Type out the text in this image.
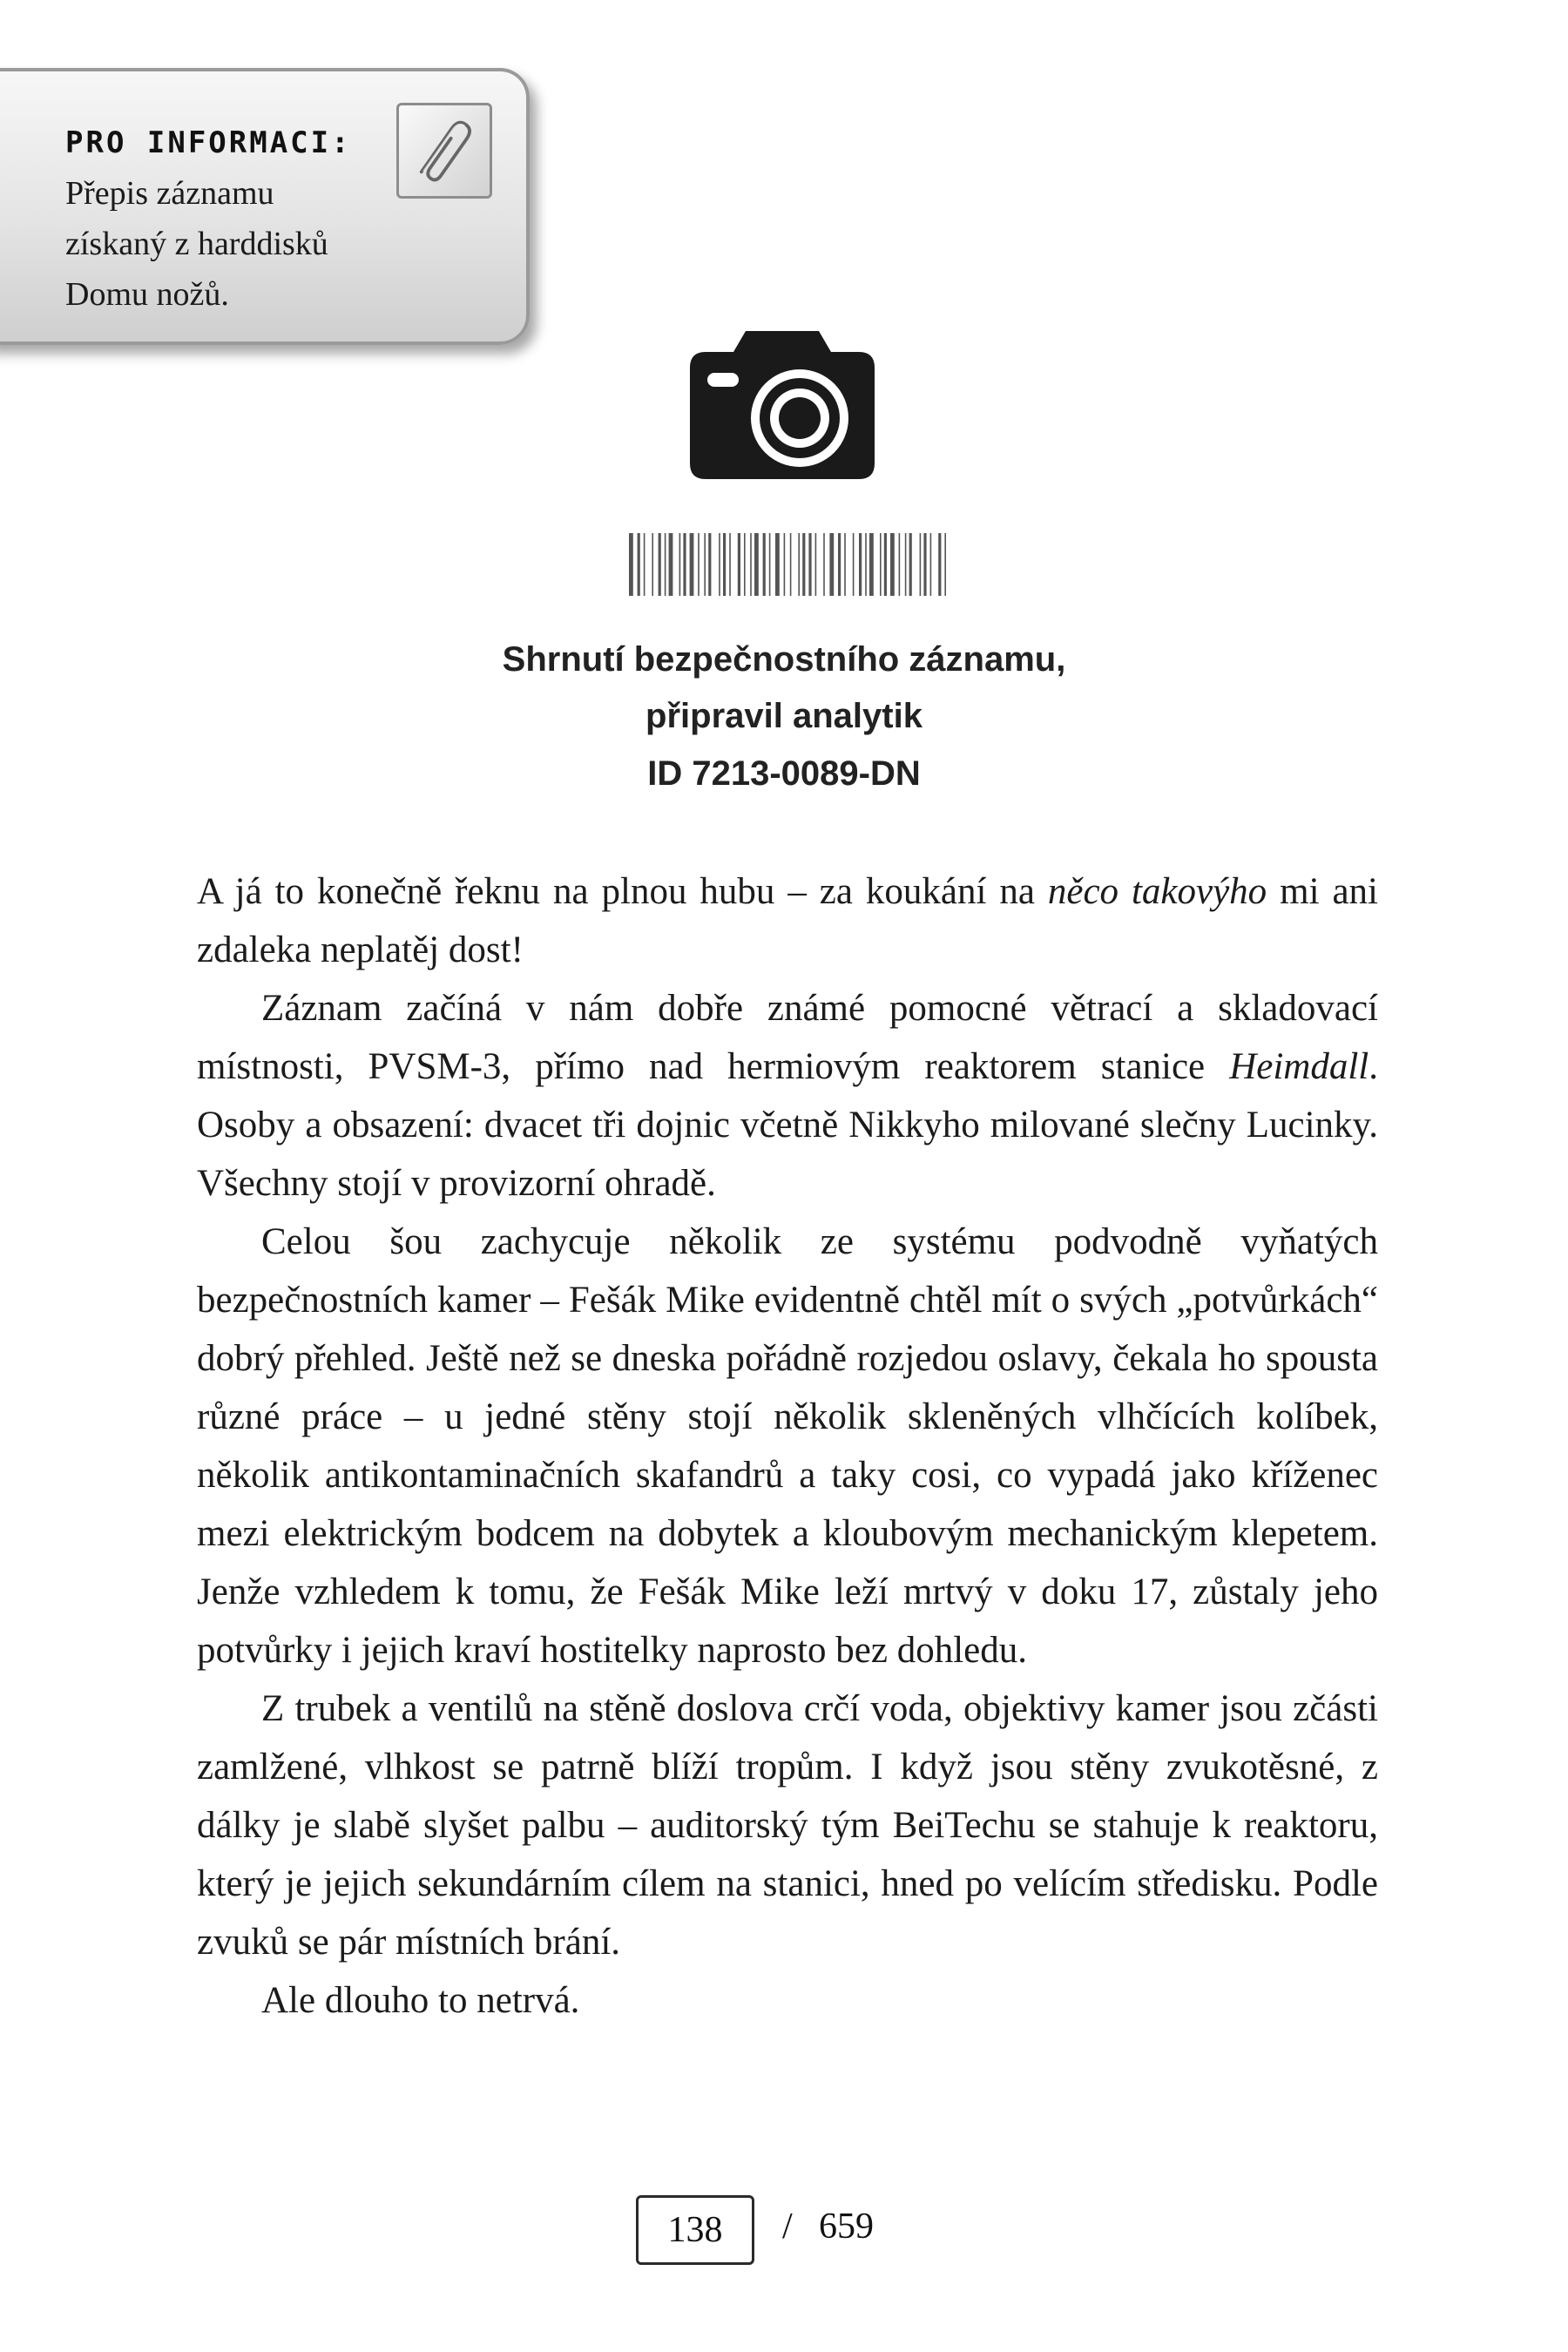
PRO INFORMACI:
Přepis záznamu
získaný z harddisků
Domu nožů.
Shrnutí bezpečnostního záznamu,
připravil analytik
ID 7213-0089-DN

A já to konečně řeknu na plnou hubu – za koukání na něco takovýho mi ani zdaleka neplatěj dost!

Záznam začíná v nám dobře známé pomocné větrací a skladovací místnosti, PVSM-3, přímo nad hermiovým reaktorem stanice Heimdall. Osoby a obsazení: dvacet tři dojnic včetně Nikkyho milované slečny Lucinky. Všechny stojí v provizorní ohradě.

Celou šou zachycuje několik ze systému podvodně vyňatých bezpečnostních kamer – Fešák Mike evidentně chtěl mít o svých „potvůrkách“ dobrý přehled. Ještě než se dneska pořádně rozjedou oslavy, čekala ho spousta různé práce – u jedné stěny stojí několik skleněných vlhčících kolíbek, několik antikontaminačních skafandrů a taky cosi, co vypadá jako kříženec mezi elektrickým bodcem na dobytek a kloubovým mechanickým klepetem. Jenže vzhledem k tomu, že Fešák Mike leží mrtvý v doku 17, zůstaly jeho potvůrky i jejich kraví hostitelky naprosto bez dohledu.

Z trubek a ventilů na stěně doslova crčí voda, objektivy kamer jsou zčásti zamlžené, vlhkost se patrně blíží tropům. I když jsou stěny zvukotěsné, z dálky je slabě slyšet palbu – auditorský tým BeiTechu se stahuje k reaktoru, který je jejich sekundárním cílem na stanici, hned po velícím středisku. Podle zvuků se pár místních brání.

Ale dlouho to netrvá.

138	/ 659
